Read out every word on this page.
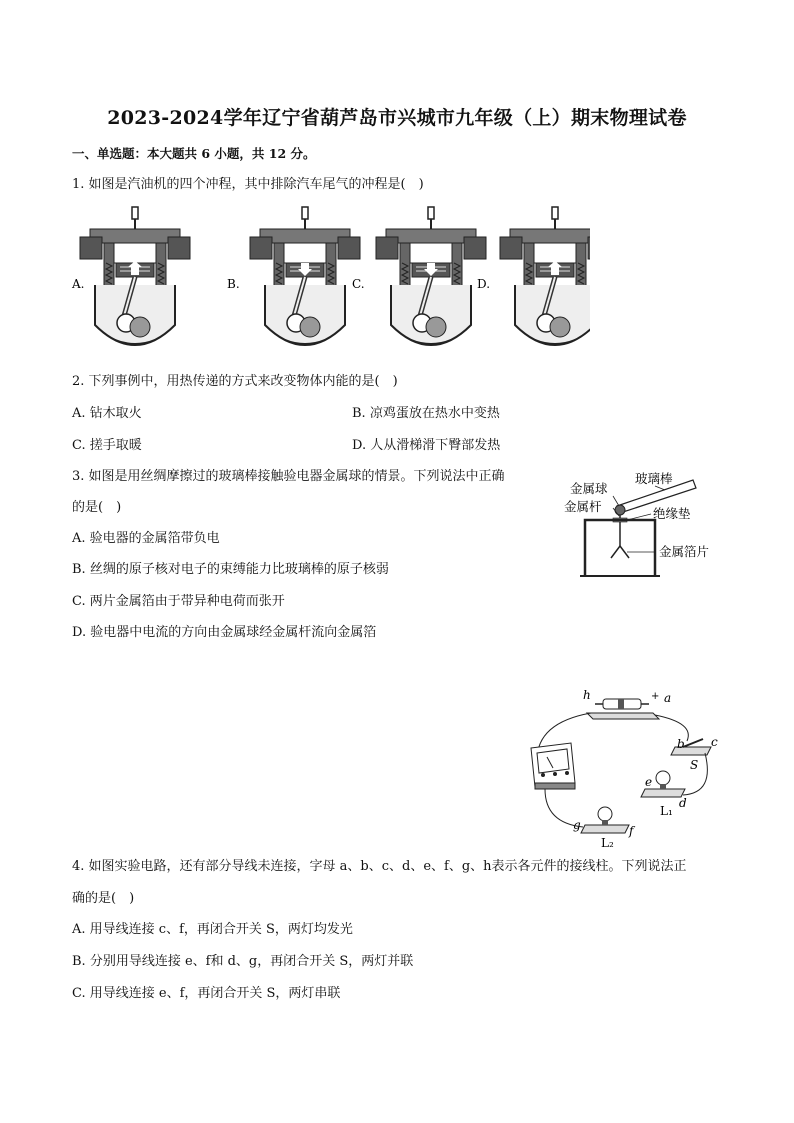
2023-2024学年辽宁省葫芦岛市兴城市九年级（上）期末物理试卷
一、单选题：本大题共 6 小题，共 12 分。
1. 如图是汽油机的四个冲程，其中排除汽车尾气的冲程是(　)
A.	B.	C.	D.
2. 下列事例中，用热传递的方式来改变物体内能的是(　)
A. 钻木取火	B. 凉鸡蛋放在热水中变热
C. 搓手取暖	D. 人从滑梯滑下臀部发热
3. 如图是用丝绸摩擦过的玻璃棒接触验电器金属球的情景。下列说法中正确
的是(　)
A. 验电器的金属箔带负电
B. 丝绸的原子核对电子的束缚能力比玻璃棒的原子核弱
C. 两片金属箔由于带异种电荷而张开
D. 验电器中电流的方向由金属球经金属杆流向金属箔
金属球
金属杆
玻璃棒
绝缘垫
金属箔片
h	+ a
b c
S
e
d
L₁
g	f
L₂
4. 如图实验电路，还有部分导线未连接，字母 a、b、c、d、e、f、g、h表示各元件的接线柱。下列说法正
确的是(　)
A. 用导线连接 c、f，再闭合开关 S，两灯均发光
B. 分别用导线连接 e、f和 d、g，再闭合开关 S，两灯并联
C. 用导线连接 e、f，再闭合开关 S，两灯串联
